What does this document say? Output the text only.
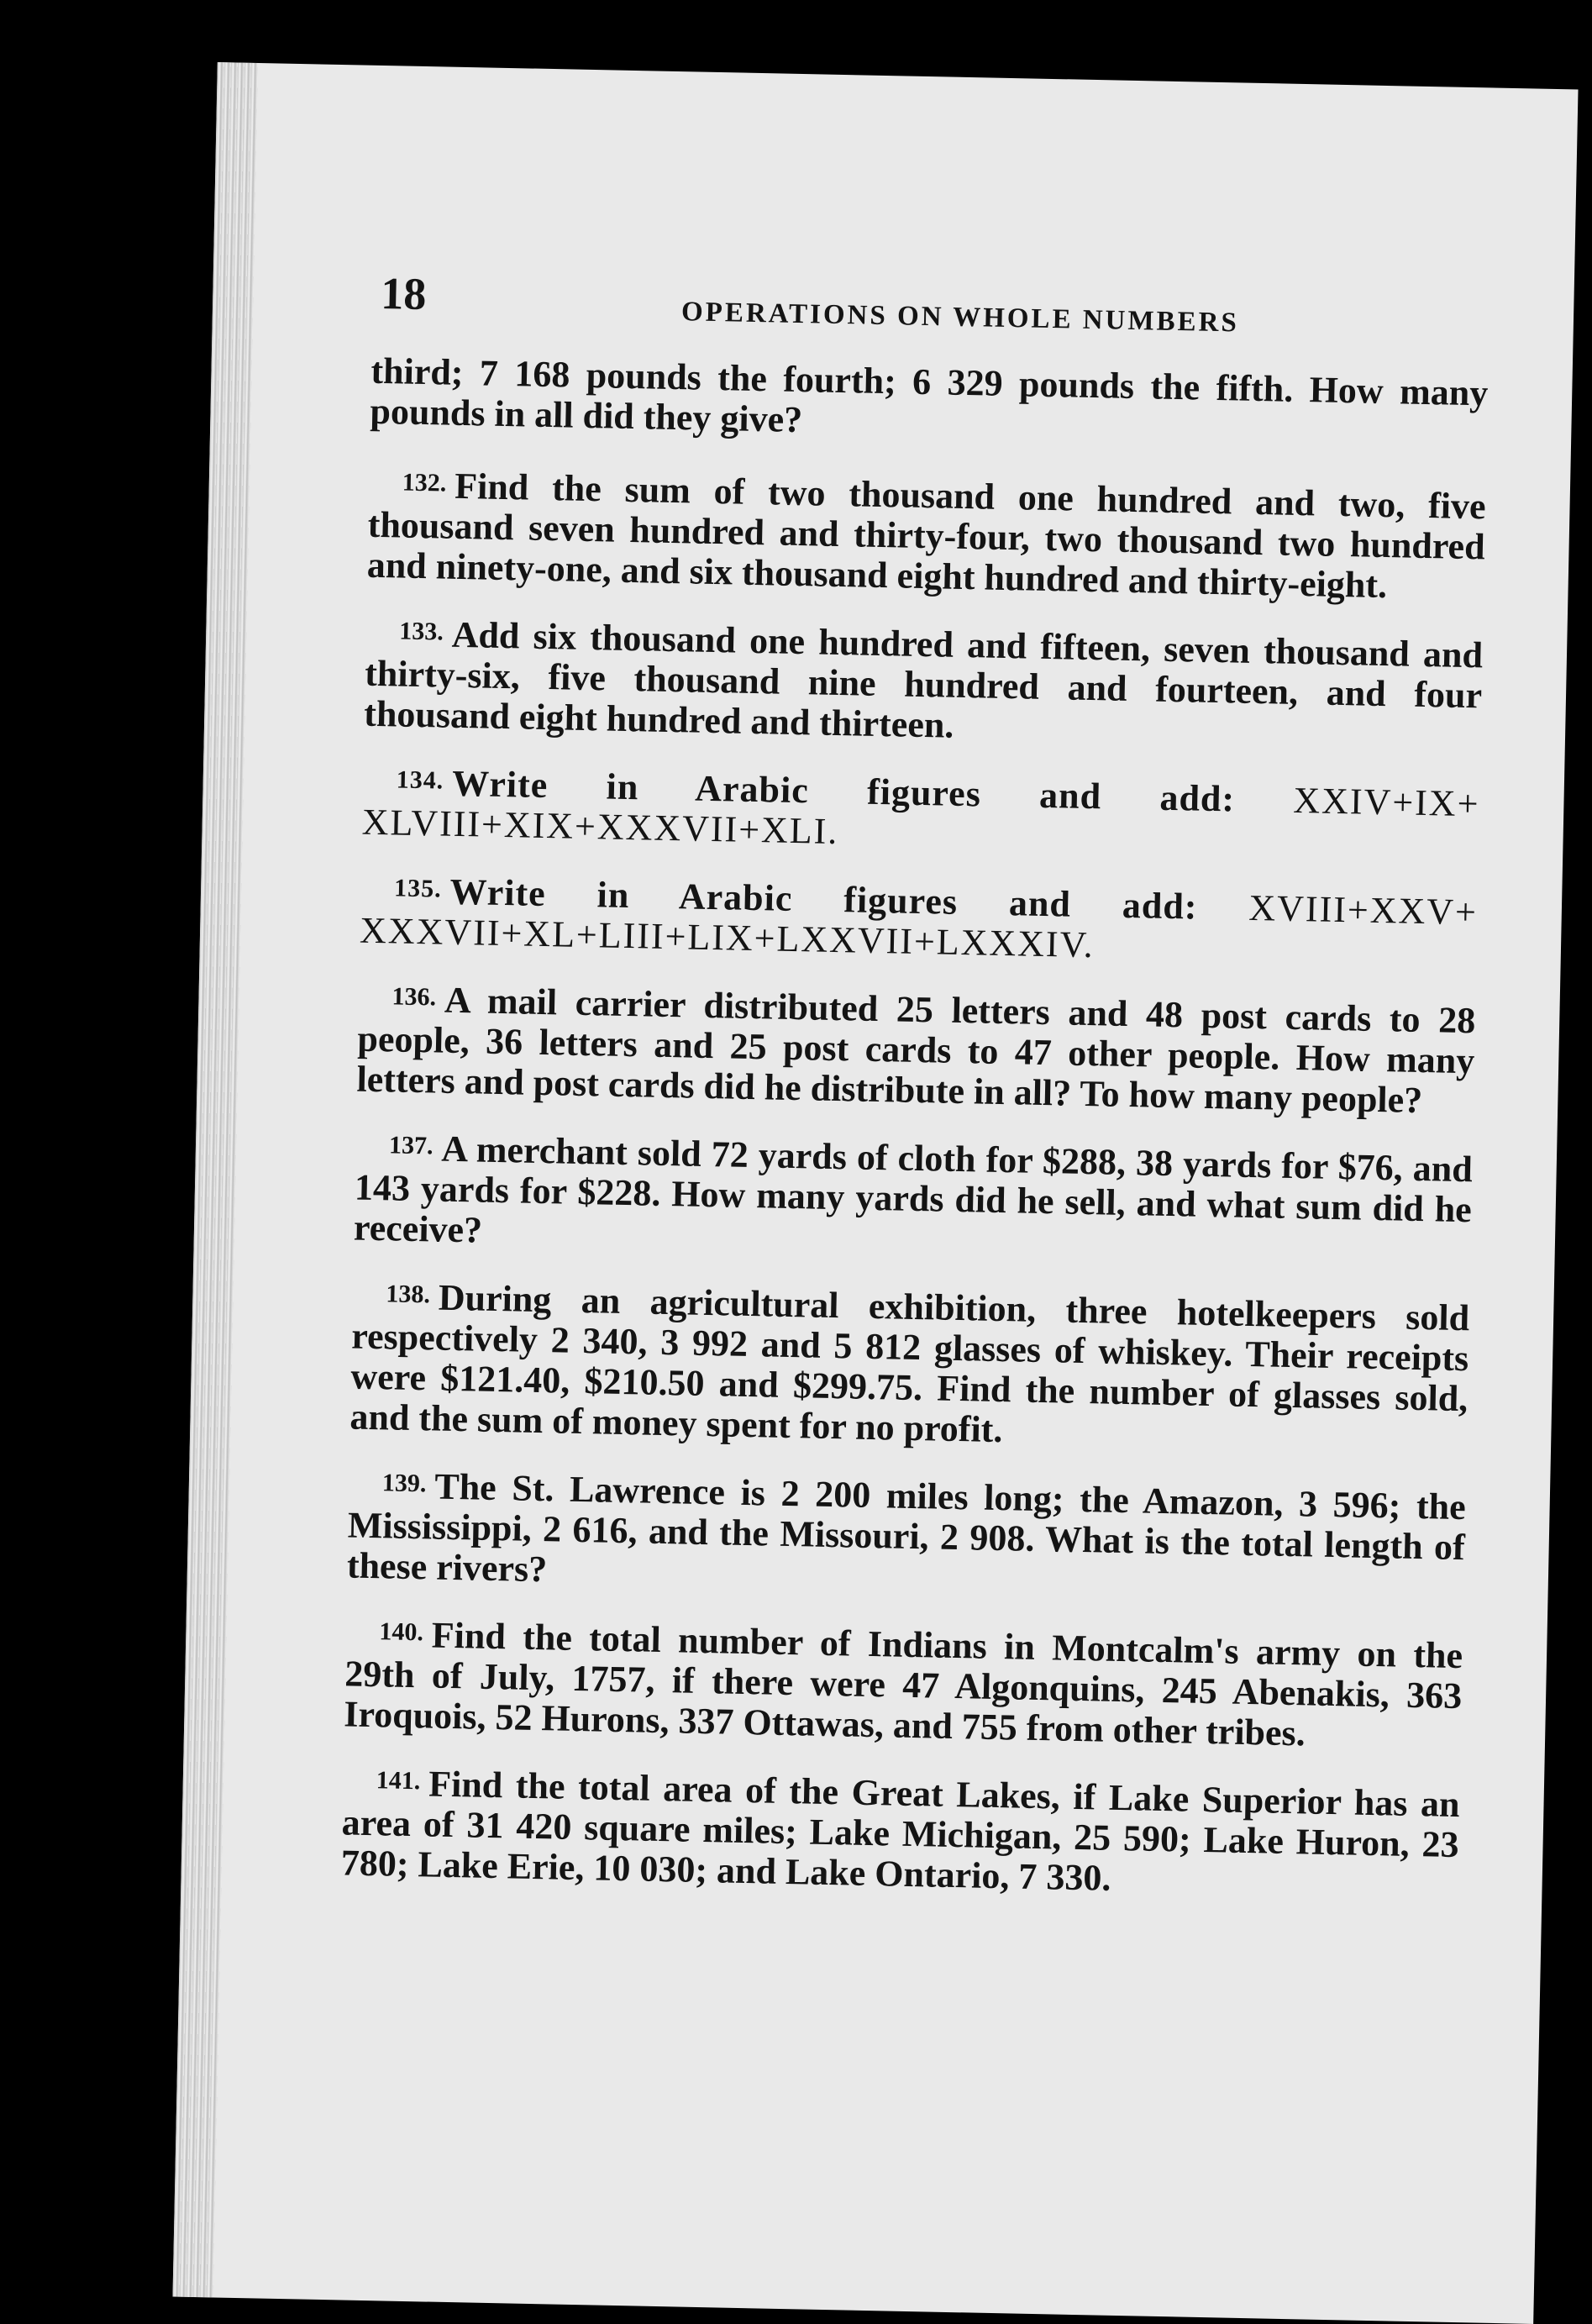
18	OPERATIONS ON WHOLE NUMBERS

third; 7 168 pounds the fourth; 6 329 pounds the fifth. How many pounds in all did they give?

132. Find the sum of two thousand one hundred and two, five thousand seven hundred and thirty-four, two thousand two hundred and ninety-one, and six thousand eight hundred and thirty-eight.

133. Add six thousand one hundred and fifteen, seven thousand and thirty-six, five thousand nine hundred and fourteen, and four thousand eight hundred and thirteen.

134. Write in Arabic figures and add: XXIV+IX+ XLVIII+XIX+XXXVII+XLI.

135. Write in Arabic figures and add: XVIII+XXV+ XXXVII+XL+LIII+LIX+LXXVII+LXXXIV.

136. A mail carrier distributed 25 letters and 48 post cards to 28 people, 36 letters and 25 post cards to 47 other people. How many letters and post cards did he distribute in all? To how many people?

137. A merchant sold 72 yards of cloth for $288, 38 yards for $76, and 143 yards for $228. How many yards did he sell, and what sum did he receive?

138. During an agricultural exhibition, three hotelkeepers sold respectively 2 340, 3 992 and 5 812 glasses of whiskey. Their receipts were $121.40, $210.50 and $299.75. Find the number of glasses sold, and the sum of money spent for no profit.

139. The St. Lawrence is 2 200 miles long; the Amazon, 3 596; the Mississippi, 2 616, and the Missouri, 2 908. What is the total length of these rivers?

140. Find the total number of Indians in Montcalm's army on the 29th of July, 1757, if there were 47 Algonquins, 245 Abenakis, 363 Iroquois, 52 Hurons, 337 Ottawas, and 755 from other tribes.

141. Find the total area of the Great Lakes, if Lake Superior has an area of 31 420 square miles; Lake Michigan, 25 590; Lake Huron, 23 780; Lake Erie, 10 030; and Lake Ontario, 7 330.
